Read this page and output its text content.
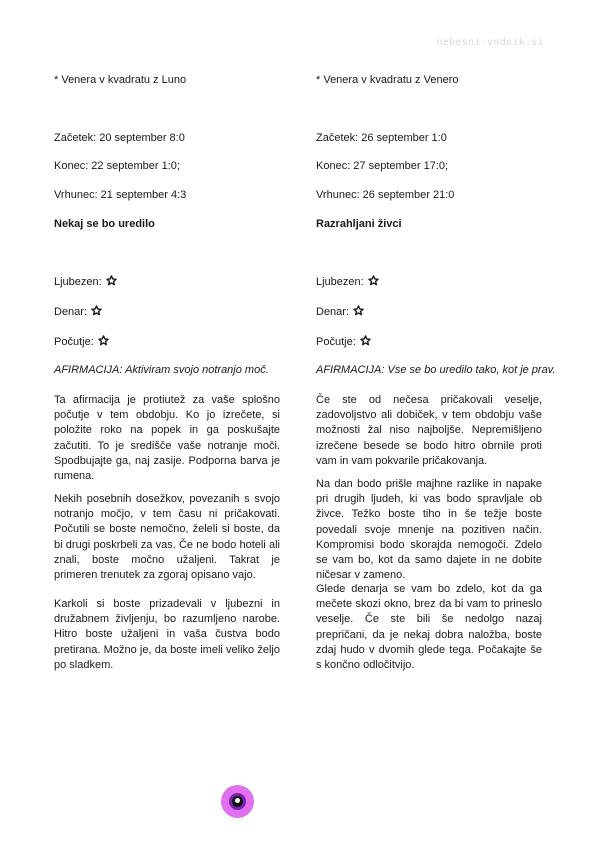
nebesni-vodnik.si
* Venera v kvadratu z Luno
Začetek: 20 september 8:0
Konec: 22 september 1:0;
Vrhunec: 21 september 4:3
Nekaj se bo uredilo
Ljubezen:
Denar:
Počutje:
AFIRMACIJA: Aktiviram svojo notranjo moč.
Ta afirmacija je protiutež za vaše splošno počutje v tem obdobju. Ko jo izrečete, si položite roko na popek in ga poskušajte začutiti. To je središče vaše notranje moči. Spodbujajte ga, naj zasije. Podporna barva je rumena.
Nekih posebnih dosežkov, povezanih s svojo notranjo močjo, v tem času ni pričakovati. Počutili se boste nemočno, želeli si boste, da bi drugi poskrbeli za vas. Če ne bodo hoteli ali znali, boste močno užaljeni. Takrat je primeren trenutek za zgoraj opisano vajo.
Karkoli si boste prizadevali v ljubezni in družabnem življenju, bo razumljeno narobe. Hitro boste užaljeni in vaša čustva bodo pretirana. Možno je, da boste imeli veliko željo po sladkem.
* Venera v kvadratu z Venero
Začetek: 26 september 1:0
Konec: 27 september 17:0;
Vrhunec: 26 september 21:0
Razrahljani živci
Ljubezen:
Denar:
Počutje:
AFIRMACIJA: Vse se bo uredilo tako, kot je prav.
Če ste od nečesa pričakovali veselje, zadovoljstvo ali dobiček, v tem obdobju vaše možnosti žal niso najboljše. Nepremišljeno izrečene besede se bodo hitro obrnile proti vam in vam pokvarile pričakovanja.
Na dan bodo prišle majhne razlike in napake pri drugih ljudeh, ki vas bodo spravljale ob živce. Težko boste tiho in še težje boste povedali svoje mnenje na pozitiven način. Kompromisi bodo skorajda nemogoči. Zdelo se vam bo, kot da samo dajete in ne dobite ničesar v zameno.
Glede denarja se vam bo zdelo, kot da ga mečete skozi okno, brez da bi vam to prineslo veselje. Če ste bili še nedolgo nazaj prepričani, da je nekaj dobra naložba, boste zdaj hudo v dvomih glede tega. Počakajte še s končno odločitvijo.
